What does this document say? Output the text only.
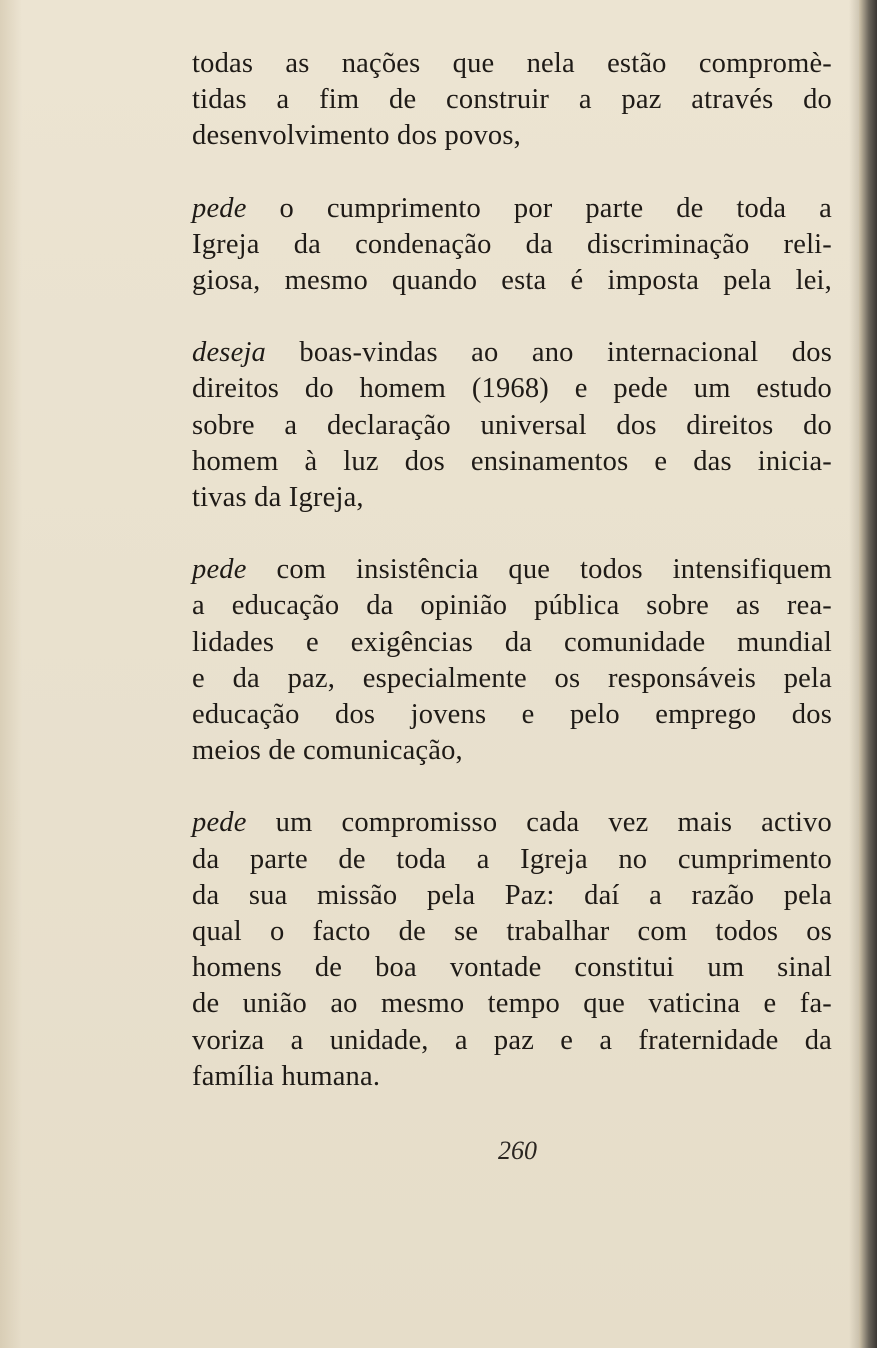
todas as nações que nela estão compromè-
tidas a fim de construir a paz através do
desenvolvimento dos povos,

pede o cumprimento por parte de toda a
Igreja da condenação da discriminação reli-
giosa, mesmo quando esta é imposta pela lei,

deseja boas-vindas ao ano internacional dos
direitos do homem (1968) e pede um estudo
sobre a declaração universal dos direitos do
homem à luz dos ensinamentos e das inicia-
tivas da Igreja,

pede com insistência que todos intensifiquem
a educação da opinião pública sobre as rea-
lidades e exigências da comunidade mundial
e da paz, especialmente os responsáveis pela
educação dos jovens e pelo emprego dos
meios de comunicação,

pede um compromisso cada vez mais activo
da parte de toda a Igreja no cumprimento
da sua missão pela Paz: daí a razão pela
qual o facto de se trabalhar com todos os
homens de boa vontade constitui um sinal
de união ao mesmo tempo que vaticina e fa-
voriza a unidade, a paz e a fraternidade da
família humana.

260
